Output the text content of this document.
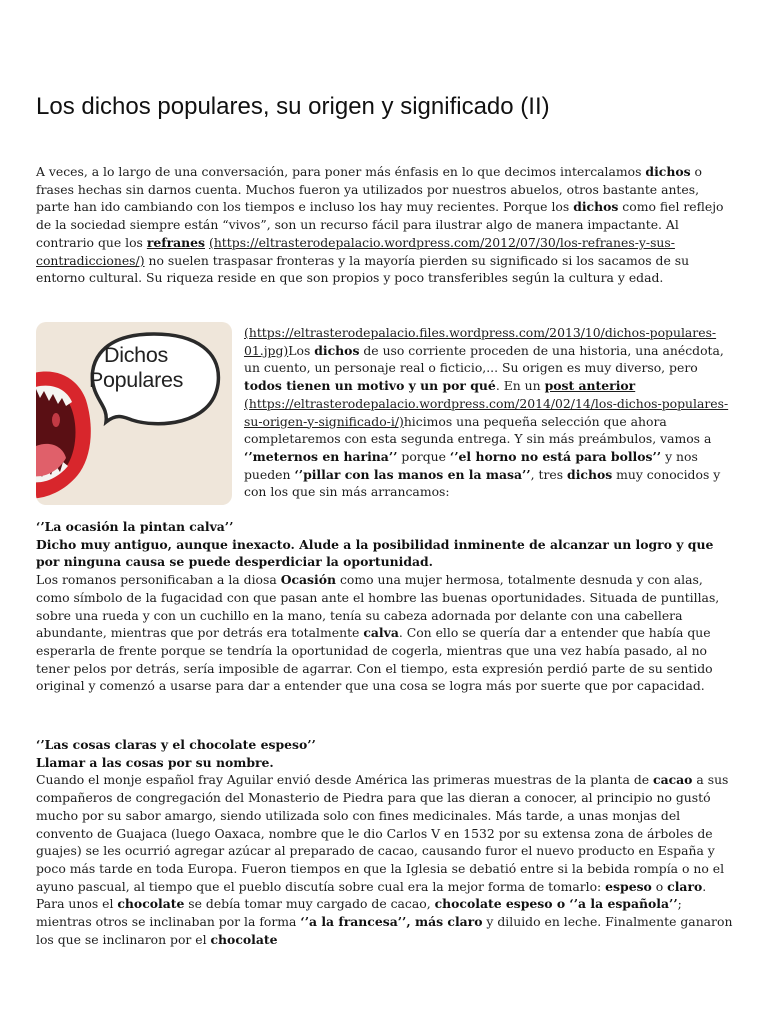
Los dichos populares, su origen y significado (II)

A veces, a lo largo de una conversación, para poner más énfasis en lo que decimos intercalamos dichos o frases hechas sin darnos cuenta. Muchos fueron ya utilizados por nuestros abuelos, otros bastante antes, parte han ido cambiando con los tiempos e incluso los hay muy recientes. Porque los dichos como fiel reflejo de la sociedad siempre están “vivos”, son un recurso fácil para ilustrar algo de manera impactante. Al contrario que los refranes (https://eltrasterodepalacio.wordpress.com/2012/07/30/los-refranes-y-sus-contradicciones/) no suelen traspasar fronteras y la mayoría pierden su significado si los sacamos de su entorno cultural. Su riqueza reside en que son propios y poco transferibles según la cultura y edad.

Dichos
Populares

(https://eltrasterodepalacio.files.wordpress.com/2013/10/dichos-populares-01.jpg)Los dichos de uso corriente proceden de una historia, una anécdota, un cuento, un personaje real o ficticio,... Su origen es muy diverso, pero todos tienen un motivo y un por qué. En un post anterior (https://eltrasterodepalacio.wordpress.com/2014/02/14/los-dichos-populares-su-origen-y-significado-i/)hicimos una pequeña selección que ahora completaremos con esta segunda entrega. Y sin más preámbulos, vamos a ‘’meternos en harina’’ porque ‘’el horno no está para bollos’’ y nos pueden ‘’pillar con las manos en la masa’’, tres dichos muy conocidos y con los que sin más arrancamos:

‘’La ocasión la pintan calva’’

Dicho muy antiguo, aunque inexacto. Alude a la posibilidad inminente de alcanzar un logro y que por ninguna causa se puede desperdiciar la oportunidad.

Los romanos personificaban a la diosa Ocasión como una mujer hermosa, totalmente desnuda y con alas, como símbolo de la fugacidad con que pasan ante el hombre las buenas oportunidades. Situada de puntillas, sobre una rueda y con un cuchillo en la mano, tenía su cabeza adornada por delante con una cabellera abundante, mientras que por detrás era totalmente calva. Con ello se quería dar a entender que había que esperarla de frente porque se tendría la oportunidad de cogerla, mientras que una vez había pasado, al no tener pelos por detrás, sería imposible de agarrar. Con el tiempo, esta expresión perdió parte de su sentido original y comenzó a usarse para dar a entender que una cosa se logra más por suerte que por capacidad.

‘’Las cosas claras y el chocolate espeso’’

Llamar a las cosas por su nombre.

Cuando el monje español fray Aguilar envió desde América las primeras muestras de la planta de cacao a sus compañeros de congregación del Monasterio de Piedra para que las dieran a conocer, al principio no gustó mucho por su sabor amargo, siendo utilizada solo con fines medicinales. Más tarde, a unas monjas del convento de Guajaca (luego Oaxaca, nombre que le dio Carlos V en 1532 por su extensa zona de árboles de guajes) se les ocurrió agregar azúcar al preparado de cacao, causando furor el nuevo producto en España y poco más tarde en toda Europa. Fueron tiempos en que la Iglesia se debatió entre si la bebida rompía o no el ayuno pascual, al tiempo que el pueblo discutía sobre cual era la mejor forma de tomarlo: espeso o claro. Para unos el chocolate se debía tomar muy cargado de cacao, chocolate espeso o ‘’a la española’’; mientras otros se inclinaban por la forma ‘’a la francesa’’, más claro y diluido en leche. Finalmente ganaron los que se inclinaron por el chocolate
